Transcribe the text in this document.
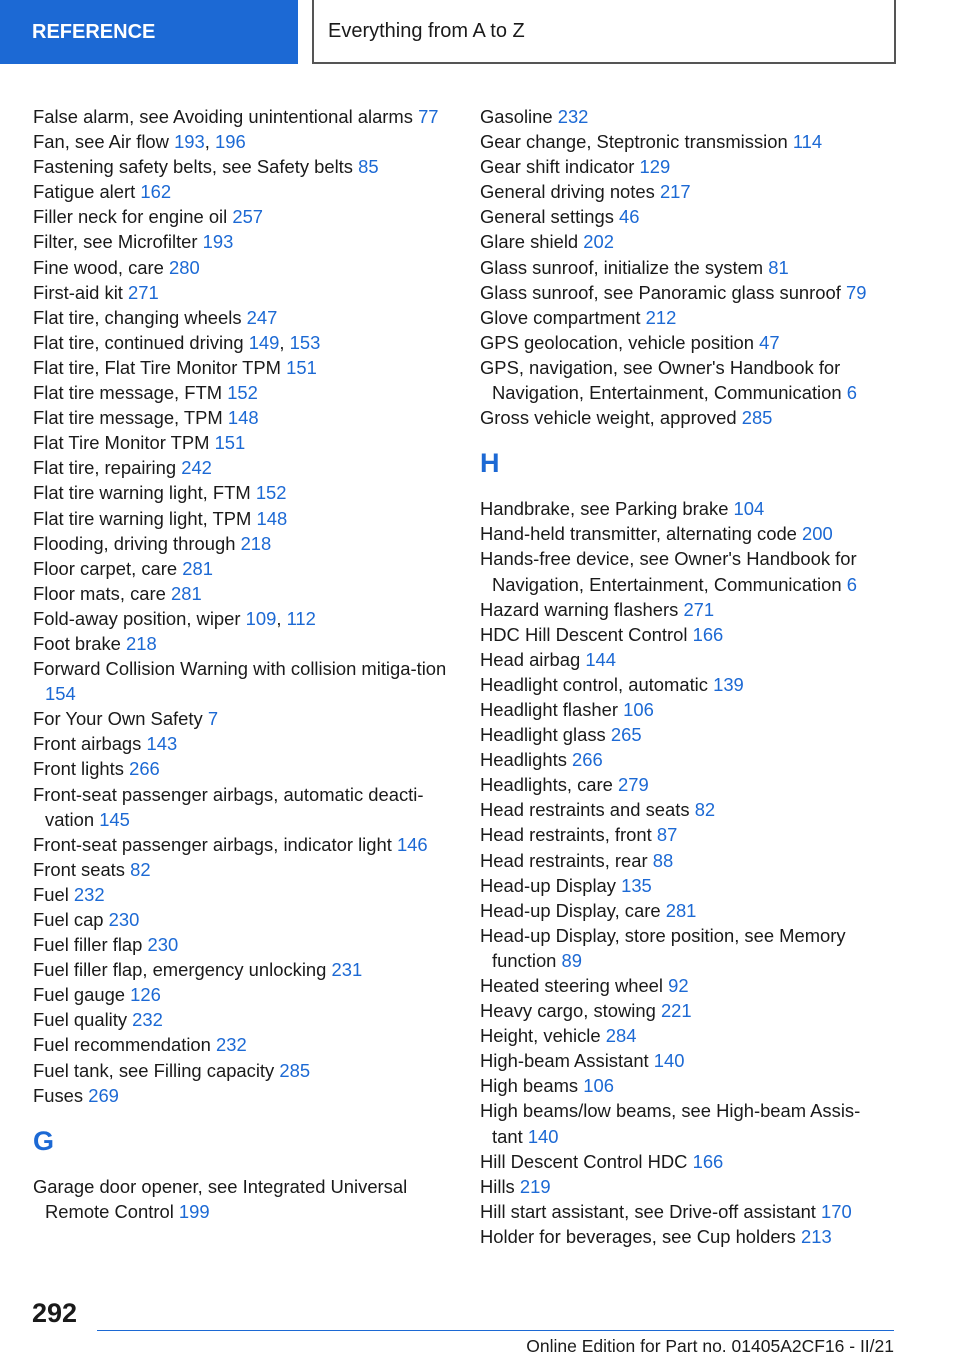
REFERENCE	Everything from A to Z
False alarm, see Avoiding unintentional alarms 77
Fan, see Air flow 193, 196
Fastening safety belts, see Safety belts 85
Fatigue alert 162
Filler neck for engine oil 257
Filter, see Microfilter 193
Fine wood, care 280
First-aid kit 271
Flat tire, changing wheels 247
Flat tire, continued driving 149, 153
Flat tire, Flat Tire Monitor TPM 151
Flat tire message, FTM 152
Flat tire message, TPM 148
Flat Tire Monitor TPM 151
Flat tire, repairing 242
Flat tire warning light, FTM 152
Flat tire warning light, TPM 148
Flooding, driving through 218
Floor carpet, care 281
Floor mats, care 281
Fold-away position, wiper 109, 112
Foot brake 218
Forward Collision Warning with collision mitiga-tion 154
For Your Own Safety 7
Front airbags 143
Front lights 266
Front-seat passenger airbags, automatic deacti-vation 145
Front-seat passenger airbags, indicator light 146
Front seats 82
Fuel 232
Fuel cap 230
Fuel filler flap 230
Fuel filler flap, emergency unlocking 231
Fuel gauge 126
Fuel quality 232
Fuel recommendation 232
Fuel tank, see Filling capacity 285
Fuses 269
G
Garage door opener, see Integrated Universal Remote Control 199
Gasoline 232
Gear change, Steptronic transmission 114
Gear shift indicator 129
General driving notes 217
General settings 46
Glare shield 202
Glass sunroof, initialize the system 81
Glass sunroof, see Panoramic glass sunroof 79
Glove compartment 212
GPS geolocation, vehicle position 47
GPS, navigation, see Owner's Handbook for Navigation, Entertainment, Communication 6
Gross vehicle weight, approved 285
H
Handbrake, see Parking brake 104
Hand-held transmitter, alternating code 200
Hands-free device, see Owner's Handbook for Navigation, Entertainment, Communication 6
Hazard warning flashers 271
HDC Hill Descent Control 166
Head airbag 144
Headlight control, automatic 139
Headlight flasher 106
Headlight glass 265
Headlights 266
Headlights, care 279
Head restraints and seats 82
Head restraints, front 87
Head restraints, rear 88
Head-up Display 135
Head-up Display, care 281
Head-up Display, store position, see Memory function 89
Heated steering wheel 92
Heavy cargo, stowing 221
Height, vehicle 284
High-beam Assistant 140
High beams 106
High beams/low beams, see High-beam Assis-tant 140
Hill Descent Control HDC 166
Hills 219
Hill start assistant, see Drive-off assistant 170
Holder for beverages, see Cup holders 213
292
Online Edition for Part no. 01405A2CF16 - II/21
